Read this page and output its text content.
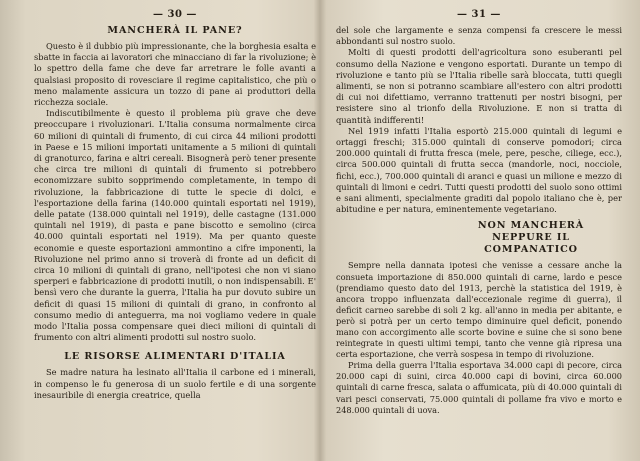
— 30 —
MANCHERÀ IL PANE?

Questo è il dubbio più impressionante, che la borghesia esalta e sbatte in faccia ai lavoratori che minacciano di far la rivoluzione; è lo spettro della fame che deve far arretrare le folle avanti a qualsiasi proposito di rovesciare il regime capitalistico, che più o meno malamente assicura un tozzo di pane ai produttori della ricchezza sociale.

Indiscutibilmente è questo il problema più grave che deve preoccupare i rivoluzionari. L'Italia consuma normalmente circa 60 milioni di quintali di frumento, di cui circa 44 milioni prodotti in Paese e 15 milioni importati unitamente a 5 milioni di quintali di granoturco, farina e altri cereali. Bisognerà però tener presente che circa tre milioni di quintali di frumento si potrebbero economizzare subito sopprimendo completamente, in tempo di rivoluzione, la fabbricazione di tutte le specie di dolci, e l'esportazione della farina (140.000 quintali esportati nel 1919), delle patate (138.000 quintali nel 1919), delle castagne (131.000 quintali nel 1919), di pasta e pane biscotto e semolino (circa 40.000 quintali esportati nel 1919). Ma per quanto queste economie e queste esportazioni ammontino a cifre imponenti, la Rivoluzione nel primo anno si troverà di fronte ad un deficit di circa 10 milioni di quintali di grano, nell'ipotesi che non vi siano sperperi e fabbricazione di prodotti inutili, o non indispensabili. E' bensì vero che durante la guerra, l'Italia ha pur dovuto subire un deficit di quasi 15 milioni di quintali di grano, in confronto al consumo medio di anteguerra, ma noi vogliamo vedere in quale modo l'Italia possa compensare quei dieci milioni di quintali di frumento con altri alimenti prodotti sul nostro suolo.

LE RISORSE ALIMENTARI D'ITALIA

Se madre natura ha lesinato all'Italia il carbone ed i minerali, in compenso le fu generosa di un suolo fertile e di una sorgente inesauribile di energia creatrice, quella

— 31 —

del sole che largamente e senza compensi fa crescere le messi abbondanti sul nostro suolo.

Molti di questi prodotti dell'agricoltura sono esuberanti pel consumo della Nazione e vengono esportati. Durante un tempo di rivoluzione e tanto più se l'Italia ribelle sarà bloccata, tutti quegli alimenti, se non si potranno scambiare all'estero con altri prodotti di cui noi difettiamo, verranno trattenuti per nostri bisogni, per resistere sino al trionfo della Rivoluzione. E non si tratta di quantità indifferenti!

Nel 1919 infatti l'Italia esportò 215.000 quintali di legumi e ortaggi freschi; 315.000 quintali di conserve pomodori; circa 200.000 quintali di frutta fresca (mele, pere, pesche, ciliege, ecc.), circa 500.000 quintali di frutta secca (mandorle, noci, nocciole, fichi, ecc.), 700.000 quintali di aranci e quasi un milione e mezzo di quintali di limoni e cedri. Tutti questi prodotti del suolo sono ottimi e sani alimenti, specialmente graditi dal popolo italiano che è, per abitudine e per natura, eminentemente vegetariano.

NON MANCHERÀ NEPPURE IL COMPANATICO

Sempre nella dannata ipotesi che venisse a cessare anche la consueta importazione di 850.000 quintali di carne, lardo e pesce (prendiamo questo dato del 1913, perchè la statistica del 1919, è ancora troppo influenzata dall'eccezionale regime di guerra), il deficit carneo sarebbe di soli 2 kg. all'anno in media per abitante, e però si potrà per un certo tempo diminuire quel deficit, ponendo mano con accorgimento alle scorte bovine e suine che si sono bene reintegrate in questi ultimi tempi, tanto che venne già ripresa una certa esportazione, che verrà sospesa in tempo di rivoluzione.

Prima della guerra l'Italia esportava 34.000 capi di pecore, circa 20.000 capi di suini, circa 40.000 capi di bovini, circa 60.000 quintali di carne fresca, salata o affumicata, più di 40.000 quintali di vari pesci conservati, 75.000 quintali di pollame fra vivo e morto e 248.000 quintali di uova.
